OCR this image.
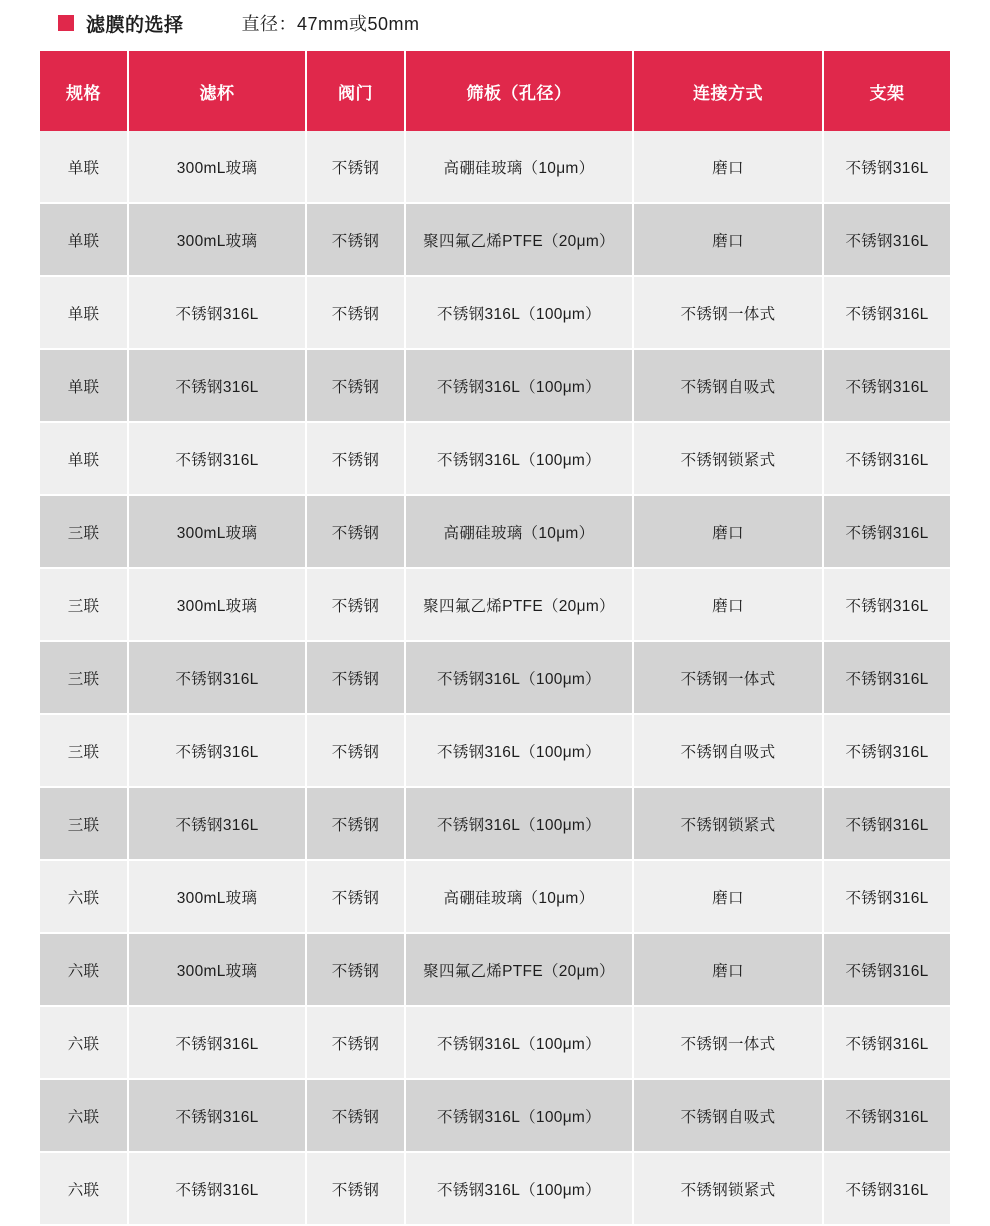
滤膜的选择	直径：47mm或50mm
规格	滤杯	阀门	筛板（孔径）	连接方式	支架
单联	300mL玻璃	不锈钢	高硼硅玻璃（10μm）	磨口	不锈钢316L
单联	300mL玻璃	不锈钢	聚四氟乙烯PTFE（20μm）	磨口	不锈钢316L
单联	不锈钢316L	不锈钢	不锈钢316L（100μm）	不锈钢一体式	不锈钢316L
单联	不锈钢316L	不锈钢	不锈钢316L（100μm）	不锈钢自吸式	不锈钢316L
单联	不锈钢316L	不锈钢	不锈钢316L（100μm）	不锈钢锁紧式	不锈钢316L
三联	300mL玻璃	不锈钢	高硼硅玻璃（10μm）	磨口	不锈钢316L
三联	300mL玻璃	不锈钢	聚四氟乙烯PTFE（20μm）	磨口	不锈钢316L
三联	不锈钢316L	不锈钢	不锈钢316L（100μm）	不锈钢一体式	不锈钢316L
三联	不锈钢316L	不锈钢	不锈钢316L（100μm）	不锈钢自吸式	不锈钢316L
三联	不锈钢316L	不锈钢	不锈钢316L（100μm）	不锈钢锁紧式	不锈钢316L
六联	300mL玻璃	不锈钢	高硼硅玻璃（10μm）	磨口	不锈钢316L
六联	300mL玻璃	不锈钢	聚四氟乙烯PTFE（20μm）	磨口	不锈钢316L
六联	不锈钢316L	不锈钢	不锈钢316L（100μm）	不锈钢一体式	不锈钢316L
六联	不锈钢316L	不锈钢	不锈钢316L（100μm）	不锈钢自吸式	不锈钢316L
六联	不锈钢316L	不锈钢	不锈钢316L（100μm）	不锈钢锁紧式	不锈钢316L
